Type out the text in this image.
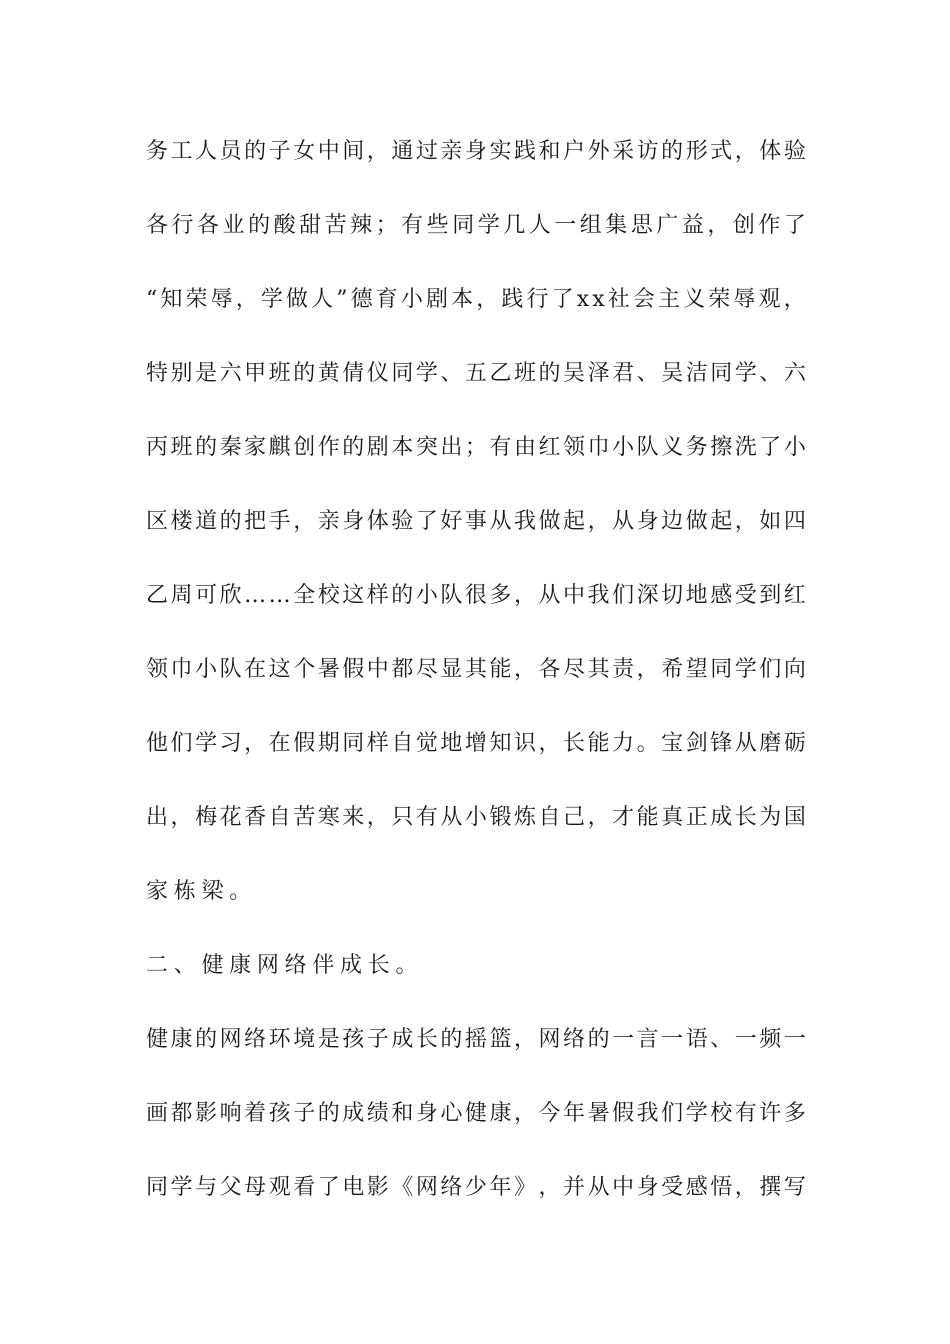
务 工 人 员 的 子 女 中 间 ， 通 过 亲 身 实 践 和 户 外 采 访 的 形 式 ， 体 验
各 行 各 业 的 酸 甜 苦 辣 ； 有 些 同 学 几 人 一 组 集 思 广 益 ， 创 作 了
“ 知 荣 辱 ， 学 做 人 ” 德 育 小 剧 本 ， 践 行 了 x x 社 会 主 义 荣 辱 观 ，
特 别 是 六 甲 班 的 黄 倩 仪 同 学 、 五 乙 班 的 吴 泽 君 、 吴 洁 同 学 、 六
丙 班 的 秦 家 麒 创 作 的 剧 本 突 出 ； 有 由 红 领 巾 小 队 义 务 擦 洗 了 小
区 楼 道 的 把 手 ， 亲 身 体 验 了 好 事 从 我 做 起 ， 从 身 边 做 起 ， 如 四
乙 周 可 欣 … … 全 校 这 样 的 小 队 很 多 ， 从 中 我 们 深 切 地 感 受 到 红
领 巾 小 队 在 这 个 暑 假 中 都 尽 显 其 能 ， 各 尽 其 责 ， 希 望 同 学 们 向
他 们 学 习 ， 在 假 期 同 样 自 觉 地 增 知 识 ， 长 能 力 。 宝 剑 锋 从 磨 砺
出 ， 梅 花 香 自 苦 寒 来 ， 只 有 从 小 锻 炼 自 己 ， 才 能 真 正 成 长 为 国
家栋梁。
二、健康网络伴成长。
健 康 的 网 络 环 境 是 孩 子 成 长 的 摇 篮 ， 网 络 的 一 言 一 语 、 一 频 一
画 都 影 响 着 孩 子 的 成 绩 和 身 心 健 康 ， 今 年 暑 假 我 们 学 校 有 许 多
同 学 与 父 母 观 看 了 电 影 《 网 络 少 年 》 ， 并 从 中 身 受 感 悟 ， 撰 写
